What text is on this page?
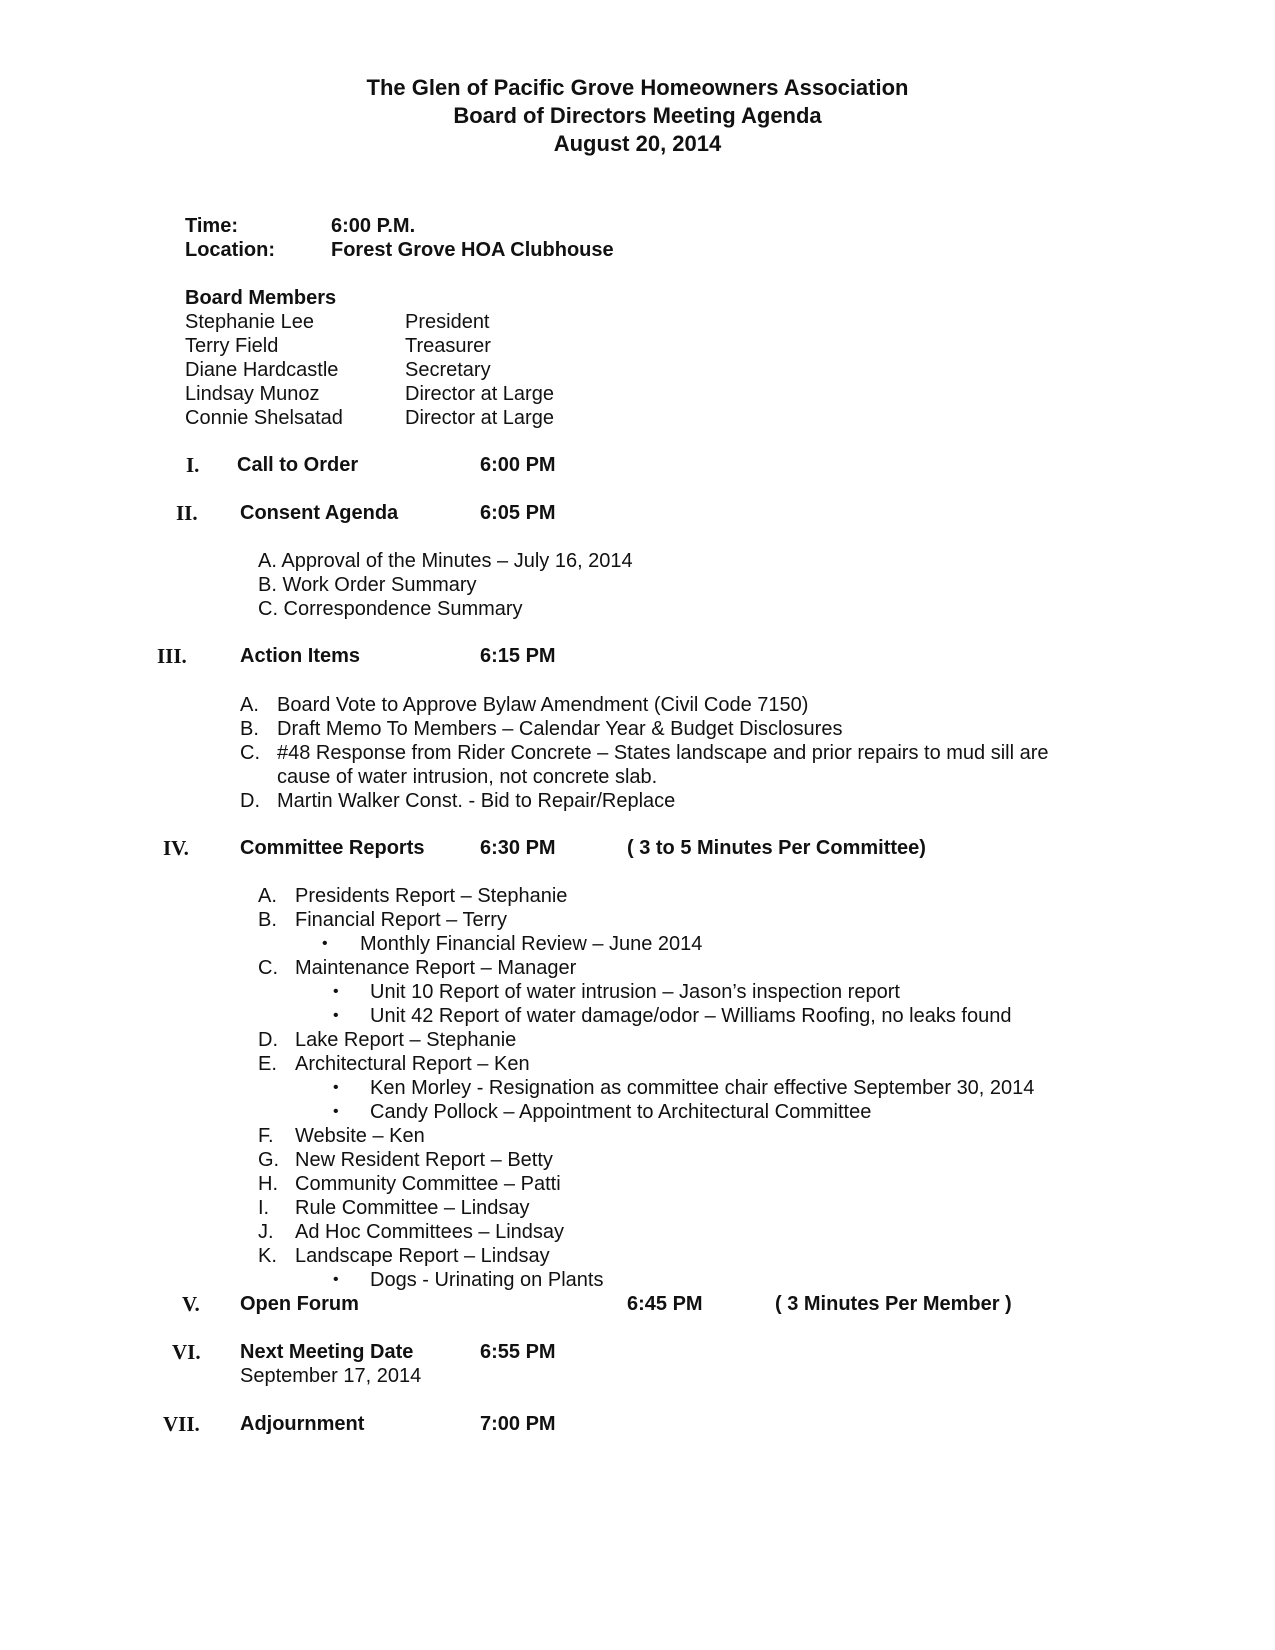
The Glen of Pacific Grove Homeowners Association
Board of Directors Meeting Agenda
August 20, 2014
Time:	6:00 P.M.
Location:	Forest Grove HOA Clubhouse
Board Members
Stephanie Lee	President
Terry Field	Treasurer
Diane Hardcastle	Secretary
Lindsay Munoz	Director at Large
Connie Shelsatad	Director at Large
I. Call to Order	6:00 PM
II. Consent Agenda	6:05 PM
A. Approval of the Minutes – July 16, 2014
B. Work Order Summary
C. Correspondence Summary
III.	Action Items	6:15 PM
A. Board Vote to Approve Bylaw Amendment (Civil Code 7150)
B. Draft Memo To Members – Calendar Year & Budget Disclosures
C. #48 Response from Rider Concrete – States landscape and prior repairs to mud sill are
cause of water intrusion, not concrete slab.
D. Martin Walker Const. - Bid to Repair/Replace
IV.	Committee Reports	6:30 PM	( 3 to 5 Minutes Per Committee)
A. Presidents Report – Stephanie
B. Financial Report – Terry
• Monthly Financial Review – June 2014
C. Maintenance Report – Manager
• Unit 10 Report of water intrusion – Jason’s inspection report
• Unit 42 Report of water damage/odor – Williams Roofing, no leaks found
D. Lake Report – Stephanie
E. Architectural Report – Ken
• Ken Morley - Resignation as committee chair effective September 30, 2014
• Candy Pollock – Appointment to Architectural Committee
F. Website – Ken
G. New Resident Report – Betty
H. Community Committee – Patti
I. Rule Committee – Lindsay
J. Ad Hoc Committees – Lindsay
K. Landscape Report – Lindsay
• Dogs - Urinating on Plants
V. Open Forum	6:45 PM	( 3 Minutes Per Member )
VI. Next Meeting Date	6:55 PM
September 17, 2014
VII. Adjournment	7:00 PM
